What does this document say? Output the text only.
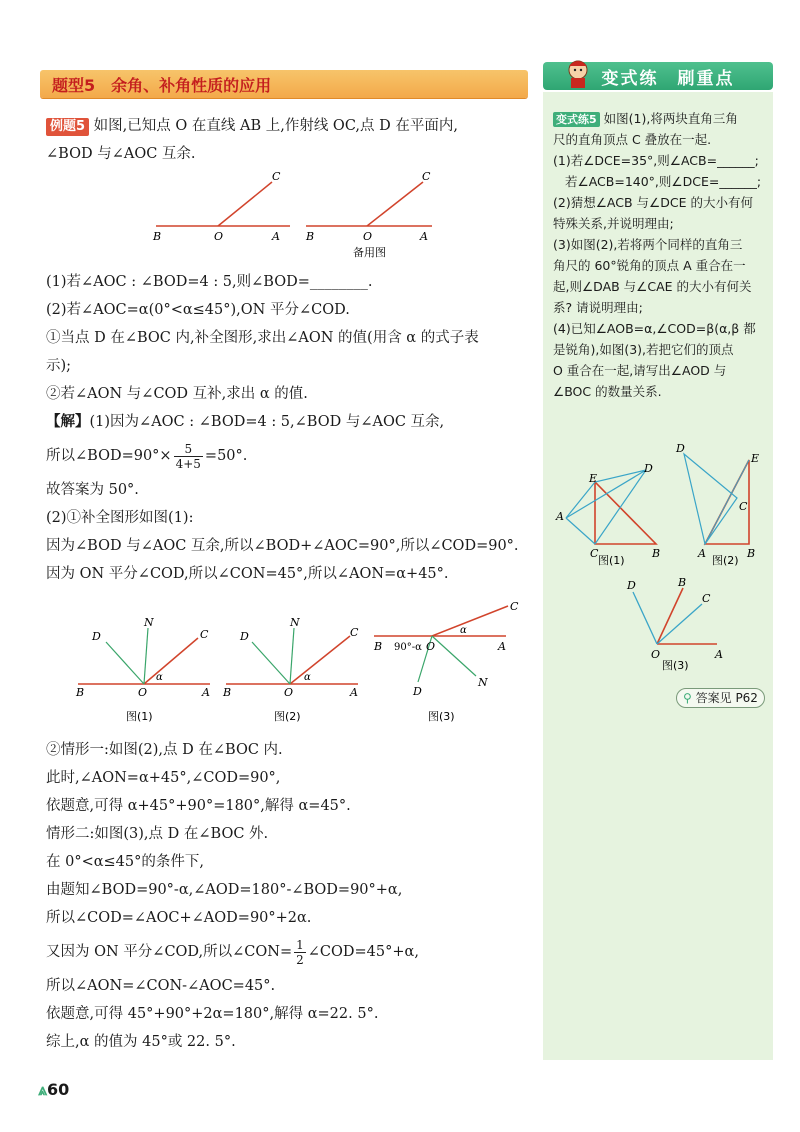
题型5　余角、补角性质的应用	变式练　刷重点
变式练5 如图(1),将两块直角三角
尺的直角顶点 C 叠放在一起.
(1)若∠DCE=35°,则∠ACB=______;
若∠ACB=140°,则∠DCE=______;
(2)猜想∠ACB 与∠DCE 的大小有何
特殊关系,并说明理由;
(3)如图(2),若将两个同样的直角三
角尺的 60°锐角的顶点 A 重合在一
起,则∠DAB 与∠CAE 的大小有何关
系? 请说明理由;
(4)已知∠AOB=α,∠COD=β(α,β 都
是锐角),如图(3),若把它们的顶点
O 重合在一起,请写出∠AOD 与
∠BOC 的数量关系.
A
E
D
C	B
图(1)
D
E
C
A	B
图(2)
D	B
C
O	A
图(3)
⚲ 答案见 P62

例题5 如图,已知点 O 在直线 AB 上,作射线 OC,点 D 在平面内,

∠BOD 与∠AOC 互余.

B	O	A
C
B	O	A
C
备用图

(1)若∠AOC : ∠BOD=4 : 5,则∠BOD=________.

(2)若∠AOC=α(0°<α≤45°),ON 平分∠COD.

①当点 D 在∠BOC 内,补全图形,求出∠AON 的值(用含 α 的式子表

示);

②若∠AON 与∠COD 互补,求出 α 的值.

【解】(1)因为∠AOC : ∠BOD=4 : 5,∠BOD 与∠AOC 互余,

所以∠BOD=90°× $\frac{5}{4+5} =50^\circ$.

故答案为 50°.

(2)①补全图形如图(1):

因为∠BOD 与∠AOC 互余,所以∠BOD+∠AOC=90°,所以∠COD=90°.

因为 ON 平分∠COD,所以∠CON=45°,所以∠AON=α+45°.

D
N
C
B	O	A
α
图(1)
D
N
C
B	O	A
α
图(2)
B 90°-α O	A
C
α
D
N
图(3)

②情形一:如图(2),点 D 在∠BOC 内.

此时,∠AON=α+45°,∠COD=90°,

依题意,可得 α+45°+90°=180°,解得 α=45°.

情形二:如图(3),点 D 在∠BOC 外.

在 0°<α≤45°的条件下,

由题知∠BOD=90°-α,∠AOD=180°-∠BOD=90°+α,

所以∠COD=∠AOC+∠AOD=90°+2α.

又因为 ON 平分∠COD,所以∠CON= $\frac{1}{2}$ ∠COD=45°+α,

所以∠AON=∠CON-∠AOC=45°.

依题意,可得 45°+90°+2α=180°,解得 α=22. 5°.

综上,α 的值为 45°或 22. 5°.

⩓60
